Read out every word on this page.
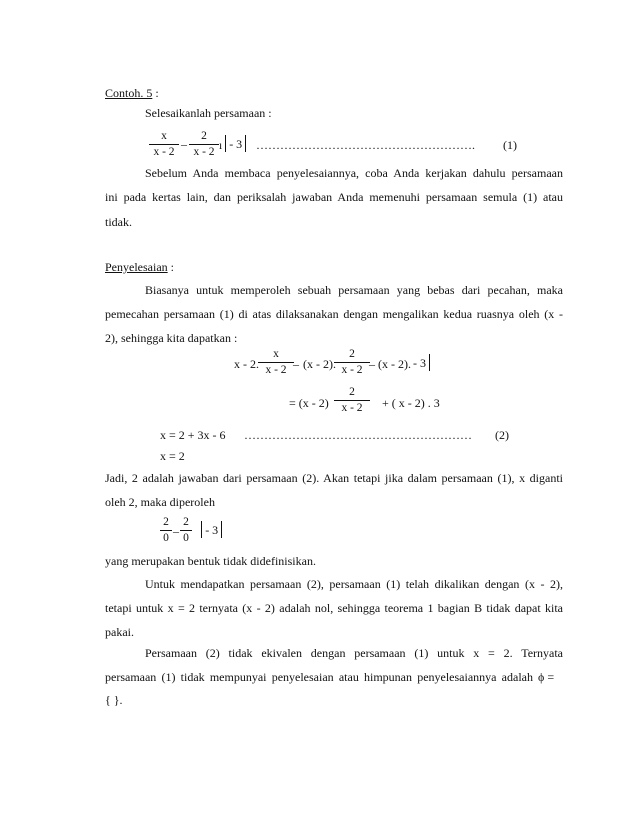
Contoh. 5 :
Selesaikanlah persamaan :
$\frac{x}{x - 2} - \frac{2}{x - 2}$ ı - 3	………………………………………………. (1)
Sebelum Anda membaca penyelesaiannya, coba Anda kerjakan dahulu persamaan
ini pada kertas lain, dan periksalah jawaban Anda memenuhi persamaan semula (1) atau
tidak.
Penyelesaian :
Biasanya untuk memperoleh sebuah persamaan yang bebas dari pecahan, maka
pemecahan persamaan (1) di atas dilaksanakan dengan mengalikan kedua ruasnya oleh (x -
2), sehingga kita dapatkan :
x - 2. $\frac{x}{x - 2} - (x - 2)$.
$\frac{2}{x - 2} - (x - 2)$. - 3
= $(x - 2) \frac{2}{x - 2}$ + ( x - 2) . 3
x = 2 + 3x - 6 ………………………………………………… (2)
x = 2
Jadi, 2 adalah jawaban dari persamaan (2). Akan tetapi jika dalam persamaan (1), x diganti
oleh 2, maka diperoleh
$\frac{2}{0} - \frac{2}{0}$	- 3
yang merupakan bentuk tidak didefinisikan.
Untuk mendapatkan persamaan (2), persamaan (1) telah dikalikan dengan (x - 2),
tetapi untuk x = 2 ternyata (x - 2) adalah nol, sehingga teorema 1 bagian B tidak dapat kita
pakai.
Persamaan (2) tidak ekivalen dengan persamaan (1) untuk x = 2. Ternyata
persamaan (1) tidak mempunyai penyelesaian atau himpunan penyelesaiannya adalah ϕ =
{ }.
